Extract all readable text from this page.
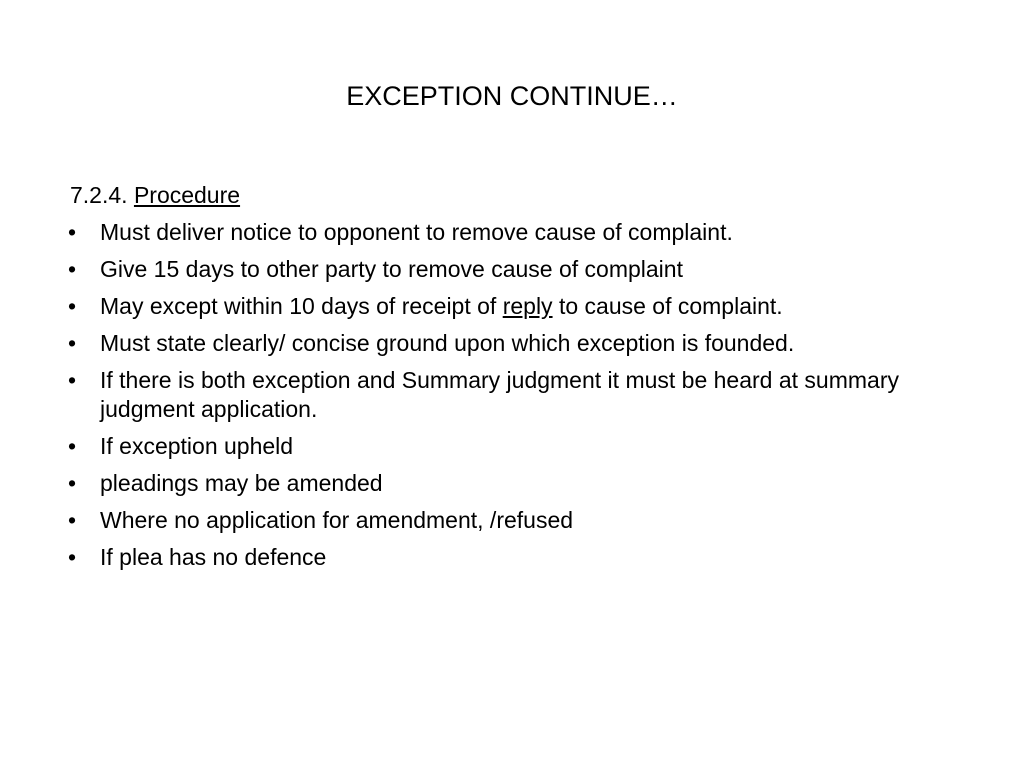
EXCEPTION CONTINUE…
7.2.4. Procedure
• Must deliver notice to opponent to remove cause of complaint.
• Give 15 days to other party to remove cause of complaint
• May except within 10 days of receipt of reply to cause of complaint.
• Must state clearly/ concise ground upon which exception is founded.
• If there is both exception and Summary judgment it must be heard at summary judgment application.
• If exception upheld
• pleadings may be amended
• Where no application for amendment, /refused
• If plea has no defence
